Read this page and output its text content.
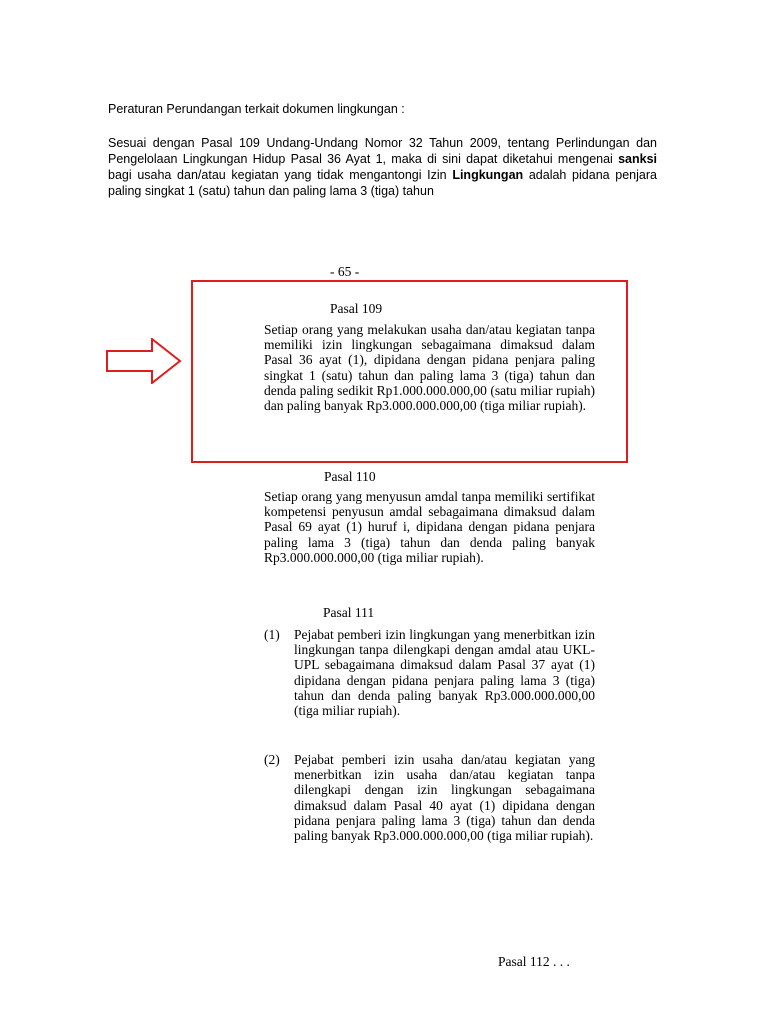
Peraturan Perundangan terkait dokumen lingkungan :
Sesuai dengan Pasal 109 Undang-Undang Nomor 32 Tahun 2009, tentang Perlindungan dan Pengelolaan Lingkungan Hidup Pasal 36 Ayat 1, maka di sini dapat diketahui mengenai sanksi bagi usaha dan/atau kegiatan yang tidak mengantongi Izin Lingkungan adalah pidana penjara paling singkat 1 (satu) tahun dan paling lama 3 (tiga) tahun
- 65 -
Pasal 109
Setiap orang yang melakukan usaha dan/atau kegiatan tanpa memiliki izin lingkungan sebagaimana dimaksud dalam Pasal 36 ayat (1), dipidana dengan pidana penjara paling singkat 1 (satu) tahun dan paling lama 3 (tiga) tahun dan denda paling sedikit Rp1.000.000.000,00 (satu miliar rupiah) dan paling banyak Rp3.000.000.000,00 (tiga miliar rupiah).
Pasal 110
Setiap orang yang menyusun amdal tanpa memiliki sertifikat kompetensi penyusun amdal sebagaimana dimaksud dalam Pasal 69 ayat (1) huruf i, dipidana dengan pidana penjara paling lama 3 (tiga) tahun dan denda paling banyak Rp3.000.000.000,00 (tiga miliar rupiah).
Pasal 111
(1) Pejabat pemberi izin lingkungan yang menerbitkan izin lingkungan tanpa dilengkapi dengan amdal atau UKL-UPL sebagaimana dimaksud dalam Pasal 37 ayat (1) dipidana dengan pidana penjara paling lama 3 (tiga) tahun dan denda paling banyak Rp3.000.000.000,00 (tiga miliar rupiah).
(2) Pejabat pemberi izin usaha dan/atau kegiatan yang menerbitkan izin usaha dan/atau kegiatan tanpa dilengkapi dengan izin lingkungan sebagaimana dimaksud dalam Pasal 40 ayat (1) dipidana dengan pidana penjara paling lama 3 (tiga) tahun dan denda paling banyak Rp3.000.000.000,00 (tiga miliar rupiah).
Pasal 112 . . .
